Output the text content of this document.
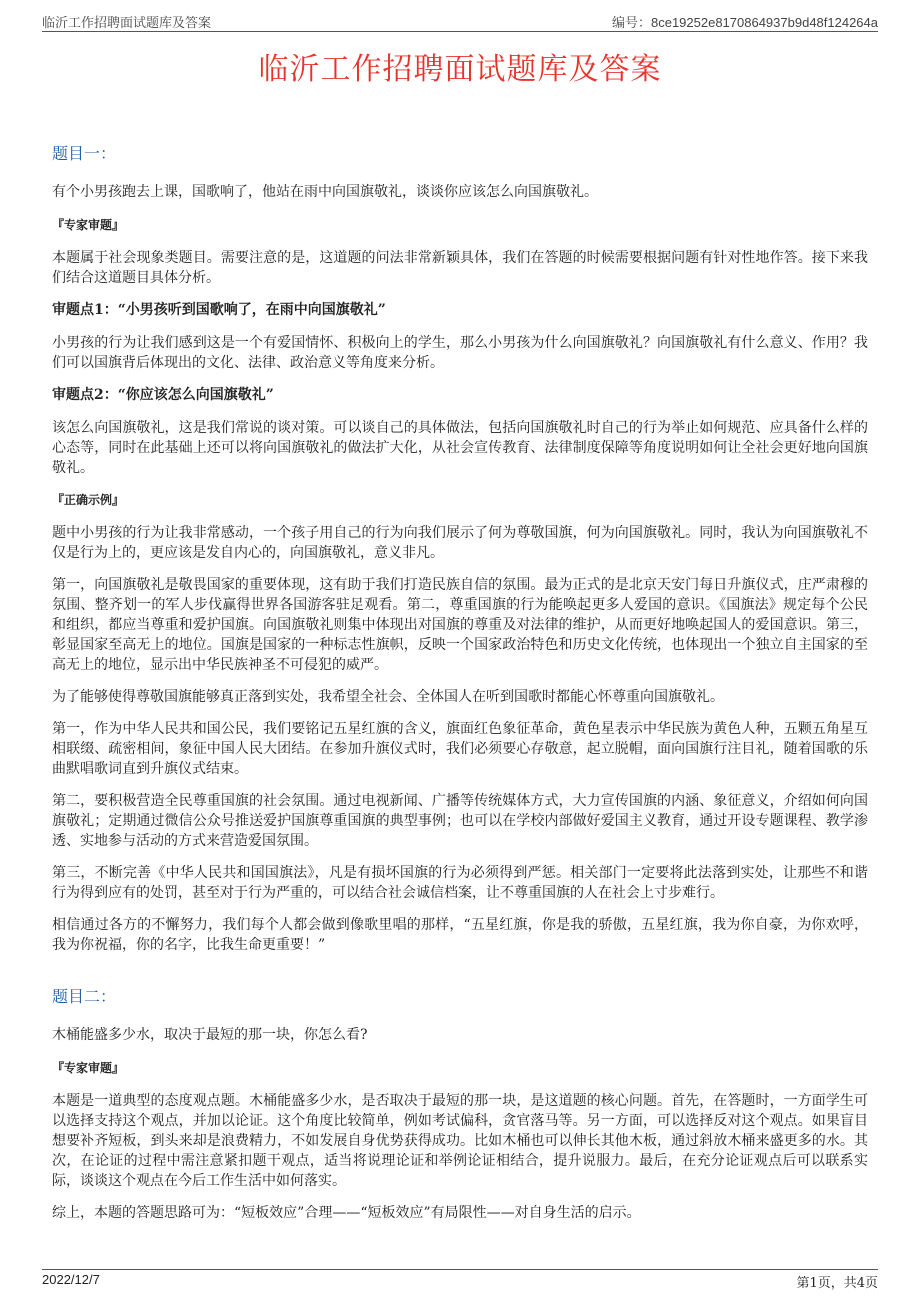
临沂工作招聘面试题库及答案	编号：8ce19252e8170864937b9d48f124264a
临沂工作招聘面试题库及答案
题目一：

有个小男孩跑去上课，国歌响了，他站在雨中向国旗敬礼，谈谈你应该怎么向国旗敬礼。

『专家审题』

本题属于社会现象类题目。需要注意的是，这道题的问法非常新颖具体，我们在答题的时候需要根据问题有针对性地作答。接下来我们结合这道题目具体分析。

审题点1：“小男孩听到国歌响了，在雨中向国旗敬礼”

小男孩的行为让我们感到这是一个有爱国情怀、积极向上的学生，那么小男孩为什么向国旗敬礼？向国旗敬礼有什么意义、作用？我们可以国旗背后体现出的文化、法律、政治意义等角度来分析。

审题点2：“你应该怎么向国旗敬礼”

该怎么向国旗敬礼，这是我们常说的谈对策。可以谈自己的具体做法，包括向国旗敬礼时自己的行为举止如何规范、应具备什么样的心态等，同时在此基础上还可以将向国旗敬礼的做法扩大化，从社会宣传教育、法律制度保障等角度说明如何让全社会更好地向国旗敬礼。

『正确示例』

题中小男孩的行为让我非常感动，一个孩子用自己的行为向我们展示了何为尊敬国旗，何为向国旗敬礼。同时，我认为向国旗敬礼不仅是行为上的，更应该是发自内心的，向国旗敬礼，意义非凡。

第一，向国旗敬礼是敬畏国家的重要体现，这有助于我们打造民族自信的氛围。最为正式的是北京天安门每日升旗仪式，庄严肃穆的氛围、整齐划一的军人步伐赢得世界各国游客驻足观看。第二，尊重国旗的行为能唤起更多人爱国的意识。《国旗法》规定每个公民和组织，都应当尊重和爱护国旗。向国旗敬礼则集中体现出对国旗的尊重及对法律的维护，从而更好地唤起国人的爱国意识。第三，彰显国家至高无上的地位。国旗是国家的一种标志性旗帜，反映一个国家政治特色和历史文化传统，也体现出一个独立自主国家的至高无上的地位，显示出中华民族神圣不可侵犯的威严。

为了能够使得尊敬国旗能够真正落到实处，我希望全社会、全体国人在听到国歌时都能心怀尊重向国旗敬礼。

第一，作为中华人民共和国公民，我们要铭记五星红旗的含义，旗面红色象征革命，黄色星表示中华民族为黄色人种，五颗五角星互相联缀、疏密相间，象征中国人民大团结。在参加升旗仪式时，我们必须要心存敬意，起立脱帽，面向国旗行注目礼，随着国歌的乐曲默唱歌词直到升旗仪式结束。

第二，要积极营造全民尊重国旗的社会氛围。通过电视新闻、广播等传统媒体方式，大力宣传国旗的内涵、象征意义，介绍如何向国旗敬礼；定期通过微信公众号推送爱护国旗尊重国旗的典型事例；也可以在学校内部做好爱国主义教育，通过开设专题课程、教学渗透、实地参与活动的方式来营造爱国氛围。

第三，不断完善《中华人民共和国国旗法》，凡是有损坏国旗的行为必须得到严惩。相关部门一定要将此法落到实处，让那些不和谐行为得到应有的处罚，甚至对于行为严重的，可以结合社会诚信档案，让不尊重国旗的人在社会上寸步难行。

相信通过各方的不懈努力，我们每个人都会做到像歌里唱的那样，“五星红旗，你是我的骄傲，五星红旗，我为你自豪，为你欢呼，我为你祝福，你的名字，比我生命更重要！”

题目二：

木桶能盛多少水，取决于最短的那一块，你怎么看?

『专家审题』

本题是一道典型的态度观点题。木桶能盛多少水，是否取决于最短的那一块，是这道题的核心问题。首先，在答题时，一方面学生可以选择支持这个观点，并加以论证。这个角度比较简单，例如考试偏科，贪官落马等。另一方面，可以选择反对这个观点。如果盲目想要补齐短板，到头来却是浪费精力，不如发展自身优势获得成功。比如木桶也可以伸长其他木板，通过斜放木桶来盛更多的水。其次，在论证的过程中需注意紧扣题干观点，适当将说理论证和举例论证相结合，提升说服力。最后，在充分论证观点后可以联系实际，谈谈这个观点在今后工作生活中如何落实。

综上，本题的答题思路可为：“短板效应”合理——“短板效应”有局限性——对自身生活的启示。

2022/12/7	第1页，共4页
